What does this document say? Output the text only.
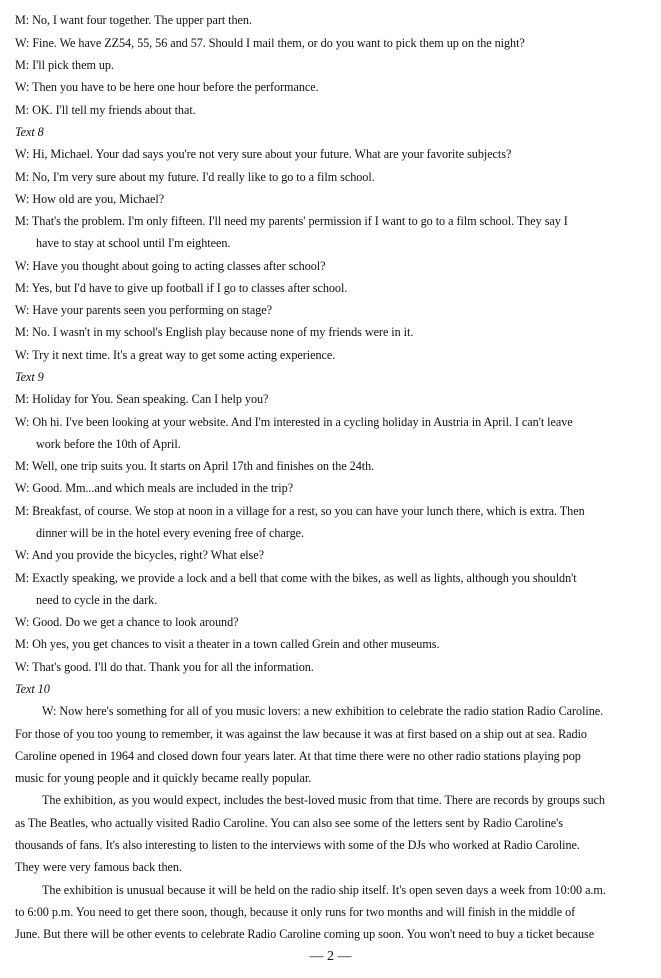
M: No, I want four together. The upper part then.
W: Fine. We have ZZ54, 55, 56 and 57. Should I mail them, or do you want to pick them up on the night?
M: I'll pick them up.
W: Then you have to be here one hour before the performance.
M: OK. I'll tell my friends about that.
Text 8
W: Hi, Michael. Your dad says you're not very sure about your future. What are your favorite subjects?
M: No, I'm very sure about my future. I'd really like to go to a film school.
W: How old are you, Michael?
M: That's the problem. I'm only fifteen. I'll need my parents' permission if I want to go to a film school. They say I
have to stay at school until I'm eighteen.
W: Have you thought about going to acting classes after school?
M: Yes, but I'd have to give up football if I go to classes after school.
W: Have your parents seen you performing on stage?
M: No. I wasn't in my school's English play because none of my friends were in it.
W: Try it next time. It's a great way to get some acting experience.
Text 9
M: Holiday for You. Sean speaking. Can I help you?
W: Oh hi. I've been looking at your website. And I'm interested in a cycling holiday in Austria in April. I can't leave
work before the 10th of April.
M: Well, one trip suits you. It starts on April 17th and finishes on the 24th.
W: Good. Mm...and which meals are included in the trip?
M: Breakfast, of course. We stop at noon in a village for a rest, so you can have your lunch there, which is extra. Then
dinner will be in the hotel every evening free of charge.
W: And you provide the bicycles, right? What else?
M: Exactly speaking, we provide a lock and a bell that come with the bikes, as well as lights, although you shouldn't
need to cycle in the dark.
W: Good. Do we get a chance to look around?
M: Oh yes, you get chances to visit a theater in a town called Grein and other museums.
W: That's good. I'll do that. Thank you for all the information.
Text 10
W: Now here's something for all of you music lovers: a new exhibition to celebrate the radio station Radio Caroline.
For those of you too young to remember, it was against the law because it was at first based on a ship out at sea. Radio
Caroline opened in 1964 and closed down four years later. At that time there were no other radio stations playing pop
music for young people and it quickly became really popular.
The exhibition, as you would expect, includes the best-loved music from that time. There are records by groups such
as The Beatles, who actually visited Radio Caroline. You can also see some of the letters sent by Radio Caroline's
thousands of fans. It's also interesting to listen to the interviews with some of the DJs who worked at Radio Caroline.
They were very famous back then.
The exhibition is unusual because it will be held on the radio ship itself. It's open seven days a week from 10:00 a.m.
to 6:00 p.m. You need to get there soon, though, because it only runs for two months and will finish in the middle of
June. But there will be other events to celebrate Radio Caroline coming up soon. You won't need to buy a ticket because
— 2 —
